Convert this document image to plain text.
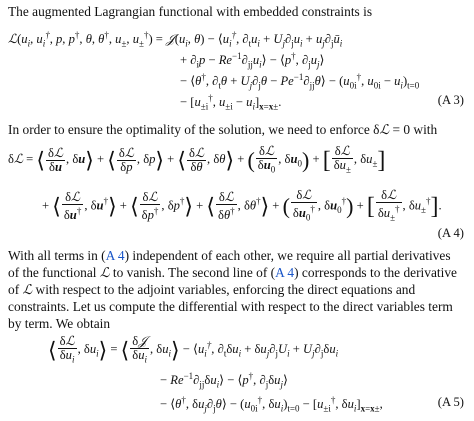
The augmented Lagrangian functional with embedded constraints is
$ℒ(u_i$, $u_i^\dagger$, p, p†, θ, θ†, $u_\pm$, $u_\pm^\dagger$) = $𝒥(u_i$, $\theta) - ⟨u_i^\dagger$, $\partial_tu_i + U_j\partial_ju_i$ + $u_j\partial_jū_i$
+ $\partial_ip$ − $Re^{-1}\partial_{jj}u_i⟩$ − ⟨p†, $\partial_ju_j⟩$
− ⟨θ†, $\partial_t\theta + U_j\partial_j\theta$ − $Pe^{-1}\partial_{jj}\theta⟩ - (u_{0i}^\dagger$, $u_{0i} - u_i)_{t=0}$
− [$u_{\pm i}^\dagger$, $u_{\pm i} - u_i]_{x=x\pm}$.	(A 3)
In order to ensure the optimality of the solution, we need to enforce δℒ = 0 with
δℒ = ⟨ $\frac{\text{δℒ}}{\delta u}$ , δu⟩ + ⟨ $\frac{\text{δℒ}}{\delta p}$ , δp⟩ + ⟨ $\frac{\text{δℒ}}{\delta\theta}$ , δθ⟩ + ( $\frac{\text{δℒ}}{\delta u_0}$ , $\delta u_0$) + [ $\frac{\text{δℒ}}{\delta u_\pm}$ , $\delta u_\pm$]
+ ⟨ $\frac{\text{δℒ}}{\delta u^\dagger}$ , δu†⟩ + ⟨ $\frac{\text{δℒ}}{\delta p^\dagger}$ , δp†⟩ + ⟨ $\frac{\text{δℒ}}{\delta\theta^\dagger}$ , δθ†⟩ + ( $\frac{\text{δℒ}}{\delta u_0^\dagger}$ , $\delta u_0^\dagger$) + [ $\frac{\text{δℒ}}{\delta u_\pm^\dagger}$ , $\delta u_\pm^\dagger$].
(A 4)
With all terms in (A 4) independent of each other, we require all partial derivatives
of the functional ℒ to vanish. The second line of (A 4) corresponds to the derivative
of ℒ with respect to the adjoint variables, enforcing the direct equations and
constraints. Let us compute the differential with respect to the direct variables term
by term. We obtain
⟨ $\frac{\text{δℒ}}{\delta u_i}$ , $\delta u_i⟩$ = ⟨ $\frac{\text{δ𝒥}}{\delta u_i}$ , $\delta u_i⟩$ − $⟨u_i^\dagger$, $\partial_t\delta u_i + \delta u_j\partial_jU_i + U_j\partial_j\delta u_i$
− $Re^{-1}\partial_{jj}\delta u_i⟩$ − ⟨p†, $\partial_j\delta u_j⟩$
− ⟨θ†, $\delta u_j\partial_j\theta⟩ - (u_{0i}^\dagger$, $\delta u_i)_{t=0} - [u_{\pm i}^\dagger$, $\delta u_i]_{x=x\pm}$,	(A 5)
